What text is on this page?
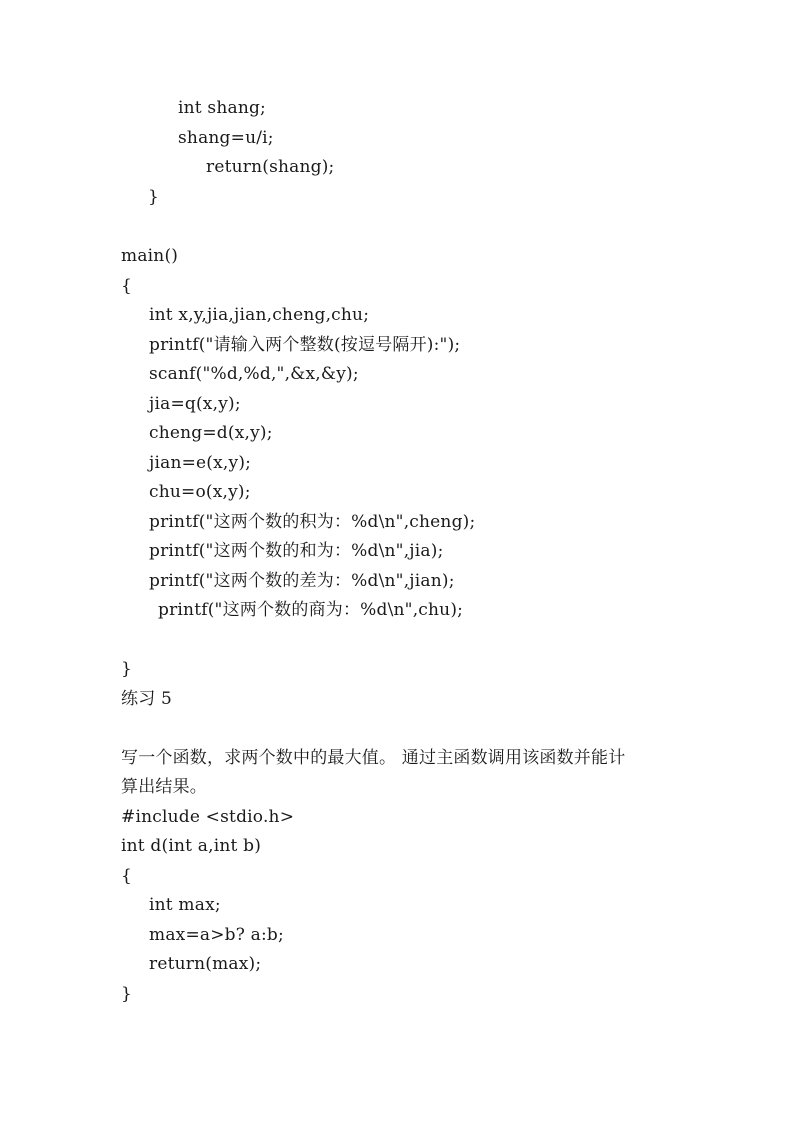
int shang;
shang=u/i;
return(shang);
}
main()
{
int x,y,jia,jian,cheng,chu;
printf("请输入两个整数(按逗号隔开):");
scanf("%d,%d,",&x,&y);
jia=q(x,y);
cheng=d(x,y);
jian=e(x,y);
chu=o(x,y);
printf("这两个数的积为：%d\n",cheng);
printf("这两个数的和为：%d\n",jia);
printf("这两个数的差为：%d\n",jian);
printf("这两个数的商为：%d\n",chu);
}
练习 5
写一个函数，求两个数中的最大值。 通过主函数调用该函数并能计
算出结果。
#include <stdio.h>
int d(int a,int b)
{
int max;
max=a>b? a:b;
return(max);
}
